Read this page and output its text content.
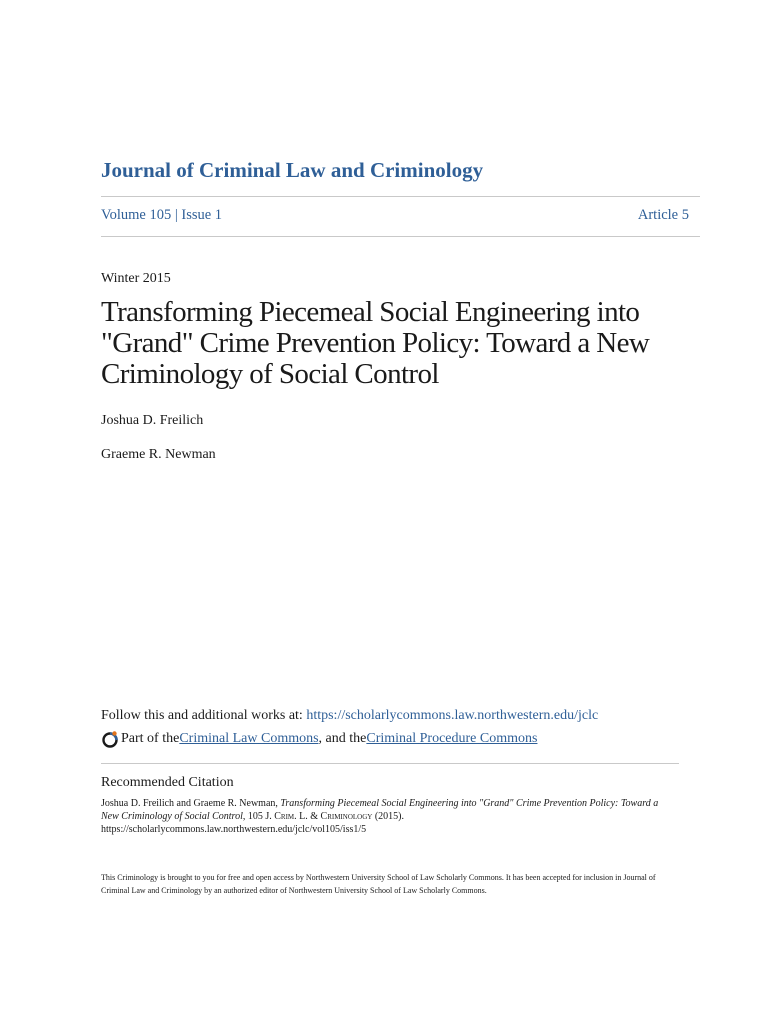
Journal of Criminal Law and Criminology
Volume 105 | Issue 1	Article 5
Winter 2015
Transforming Piecemeal Social Engineering into "Grand" Crime Prevention Policy: Toward a New Criminology of Social Control
Joshua D. Freilich
Graeme R. Newman
Follow this and additional works at: https://scholarlycommons.law.northwestern.edu/jclc
Part of the Criminal Law Commons , and the Criminal Procedure Commons
Recommended Citation
Joshua D. Freilich and Graeme R. Newman, Transforming Piecemeal Social Engineering into "Grand" Crime Prevention Policy: Toward a New Criminology of Social Control, 105 J. Crim. L. & Criminology (2015).
https://scholarlycommons.law.northwestern.edu/jclc/vol105/iss1/5
This Criminology is brought to you for free and open access by Northwestern University School of Law Scholarly Commons. It has been accepted for inclusion in Journal of Criminal Law and Criminology by an authorized editor of Northwestern University School of Law Scholarly Commons.
